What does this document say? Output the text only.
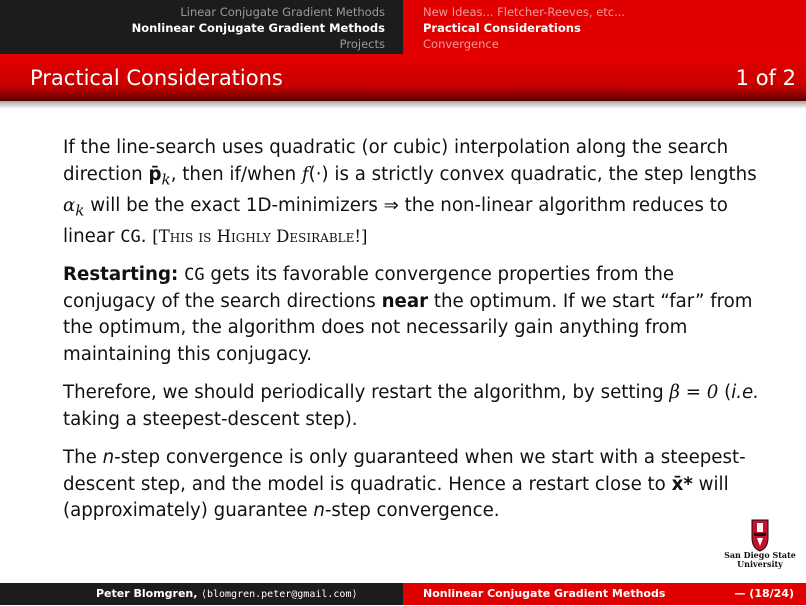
Linear Conjugate Gradient Methods
Nonlinear Conjugate Gradient Methods
Projects
New Ideas... Fletcher-Reeves, etc...
Practical Considerations
Convergence
Practical Considerations	1 of 2

If the line-search uses quadratic (or cubic) interpolation along the search direction $p̄_k$, then if/when f(·) is a strictly convex quadratic, the step lengths $\alpha_k$ will be the exact 1D-minimizers ⇒ the non-linear algorithm reduces to linear CG. [This is Highly Desirable!]

Restarting: CG gets its favorable convergence properties from the conjugacy of the search directions near the optimum. If we start “far” from the optimum, the algorithm does not necessarily gain anything from maintaining this conjugacy.

Therefore, we should periodically restart the algorithm, by setting β = 0 (i.e. taking a steepest-descent step).

The n-step convergence is only guaranteed when we start with a steepest-descent step, and the model is quadratic. Hence a restart close to x̄* will (approximately) guarantee n-step convergence.

San Diego State
University
Peter Blomgren, ⟨blomgren.peter@gmail.com⟩	Nonlinear Conjugate Gradient Methods	— (18/24)
